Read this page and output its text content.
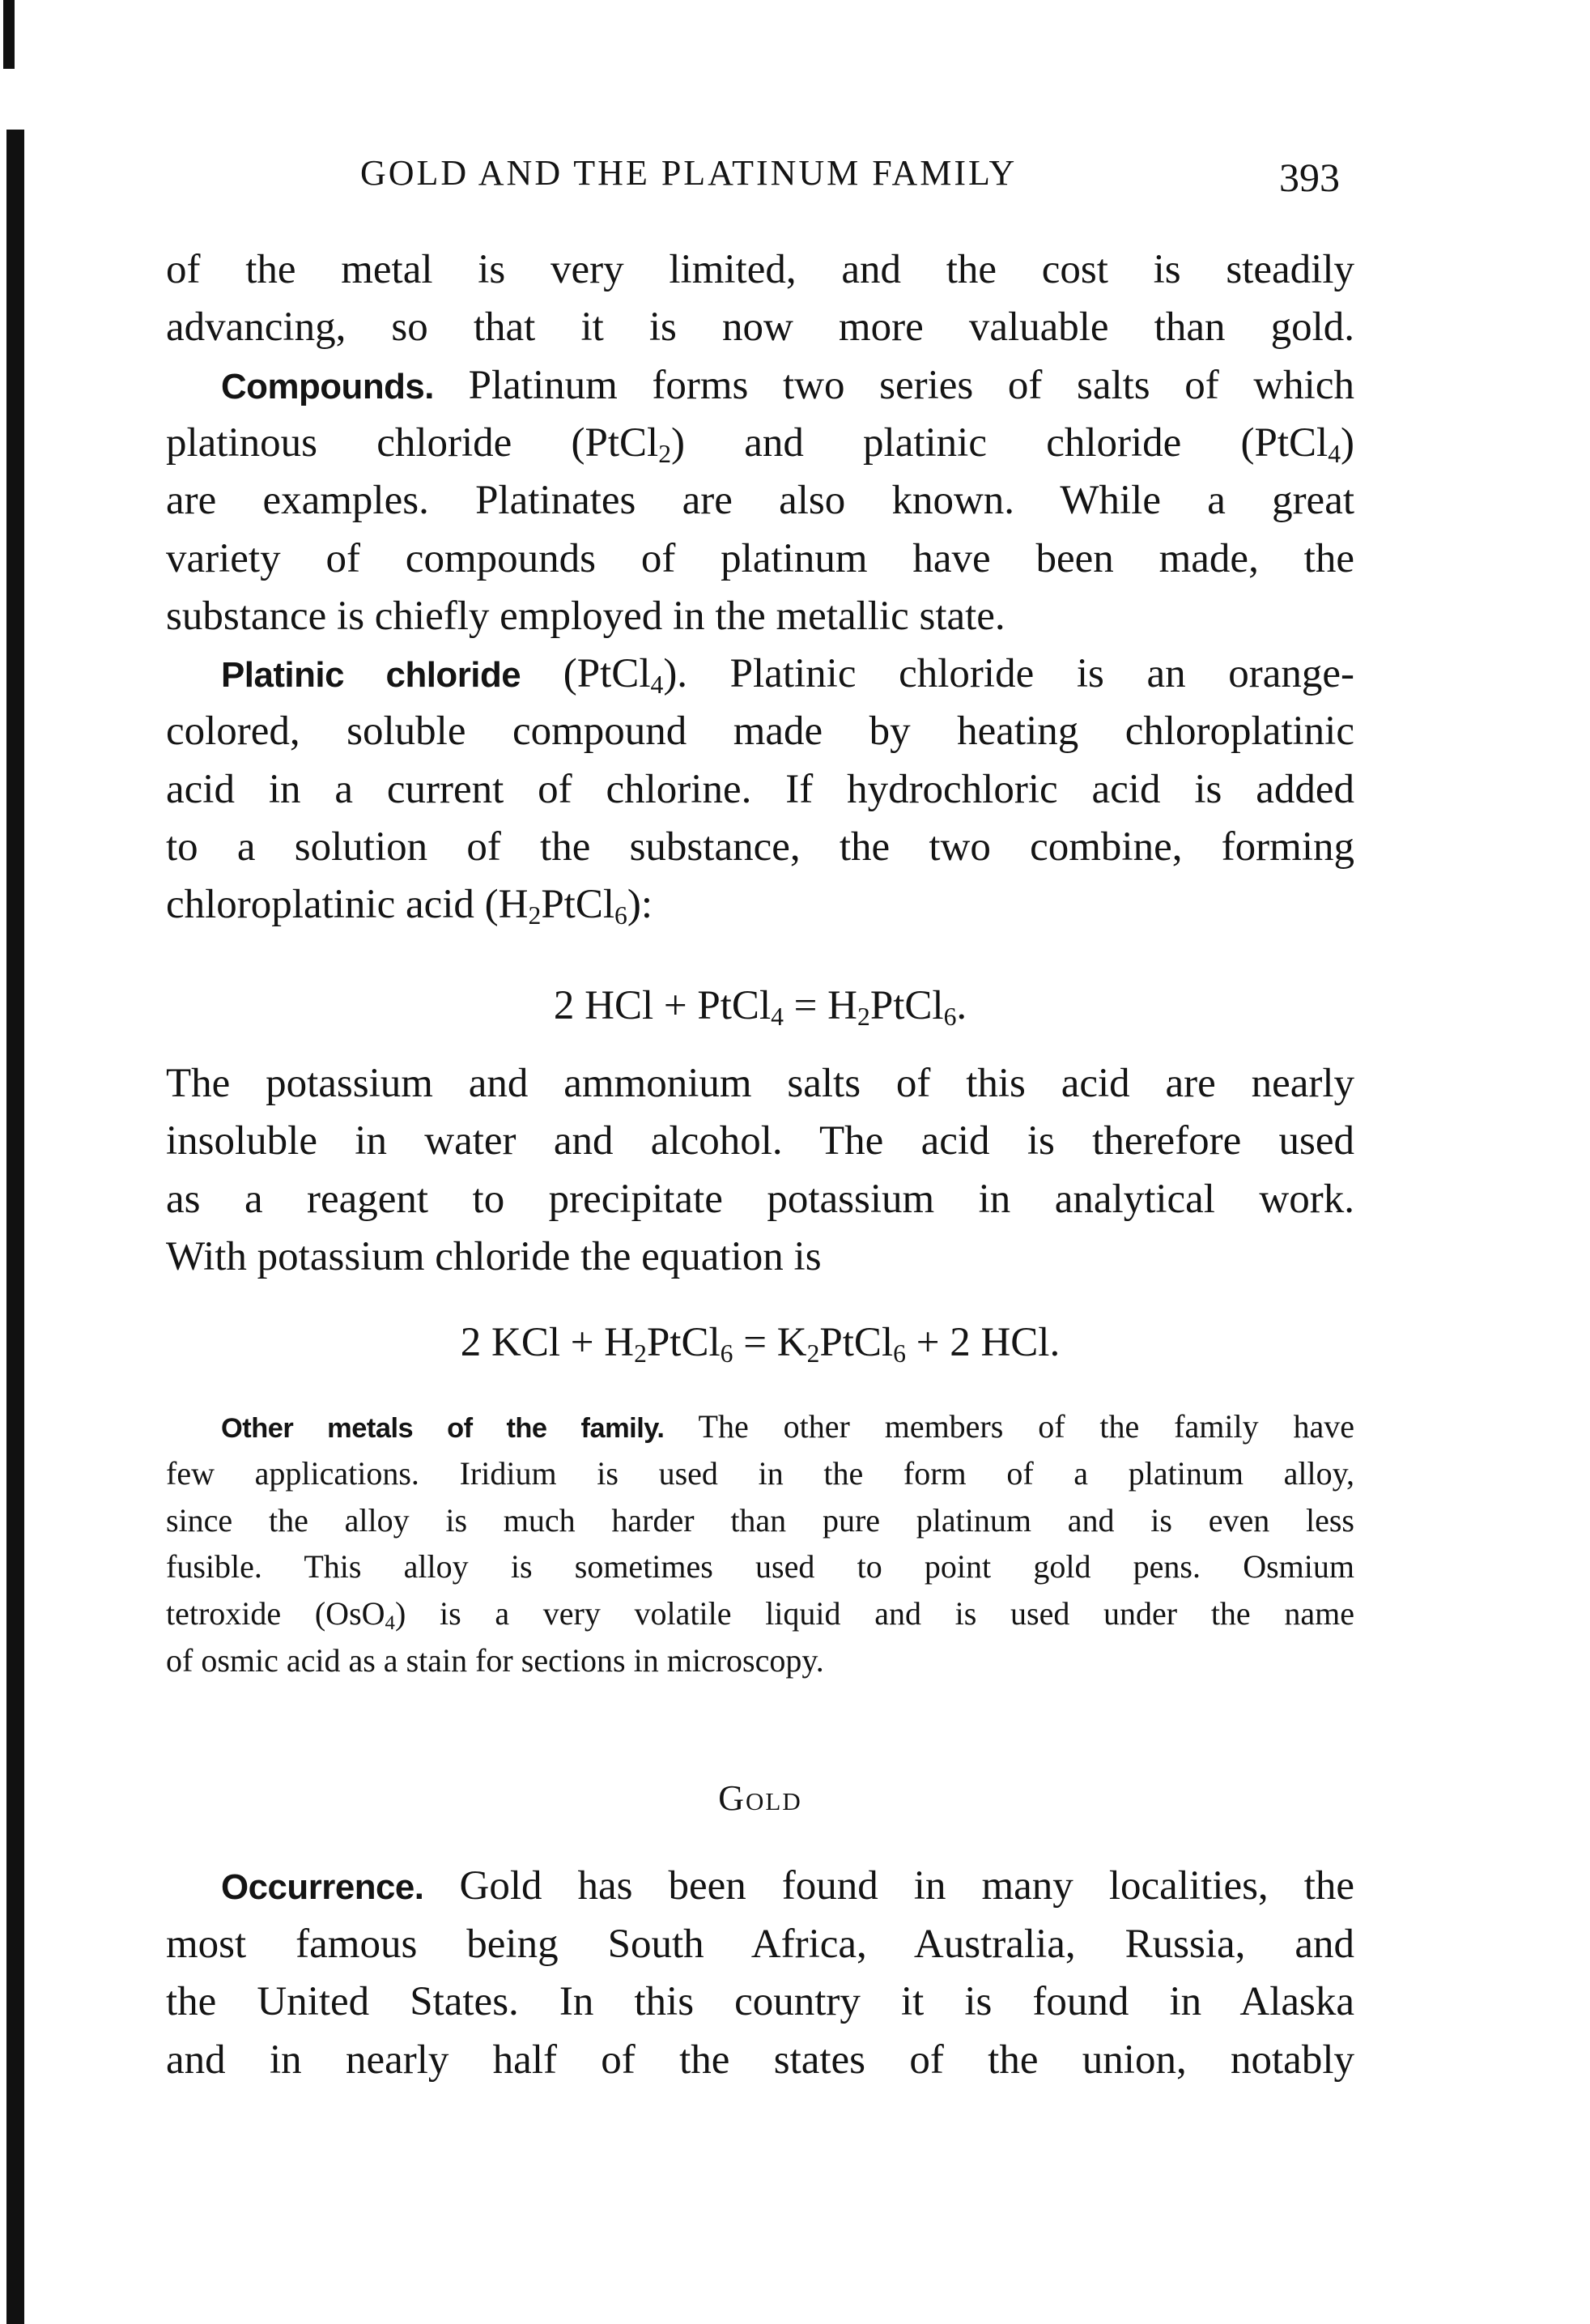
GOLD AND THE PLATINUM FAMILY	393
Gold
of the metal is very limited, and the cost is steadily
advancing, so that it is now more valuable than gold.
Compounds. Platinum forms two series of salts of which
platinous chloride (PtCl$_2$) and platinic chloride (PtCl$_4$)
are examples. Platinates are also known. While a great
variety of compounds of platinum have been made, the
substance is chiefly employed in the metallic state.
Platinic chloride (PtCl$_4$). Platinic chloride is an orange-
colored, soluble compound made by heating chloroplatinic
acid in a current of chlorine. If hydrochloric acid is added
to a solution of the substance, the two combine, forming
chloroplatinic acid $(H_2PtCl_6)$:
2 HCl + PtCl$_4$ = $H_2PtCl_6$.
The potassium and ammonium salts of this acid are nearly
insoluble in water and alcohol. The acid is therefore used
as a reagent to precipitate potassium in analytical work.
With potassium chloride the equation is
2 KCl + $H_2PtCl_6$ = $K_2PtCl_6 + 2$ HCl.
Other metals of the family. The other members of the family have
few applications. Iridium is used in the form of a platinum alloy,
since the alloy is much harder than pure platinum and is even less
fusible. This alloy is sometimes used to point gold pens. Osmium
tetroxide (OsO$_4$) is a very volatile liquid and is used under the name
of osmic acid as a stain for sections in microscopy.
Occurrence. Gold has been found in many localities, the
most famous being South Africa, Australia, Russia, and
the United States. In this country it is found in Alaska
and in nearly half of the states of the union, notably
